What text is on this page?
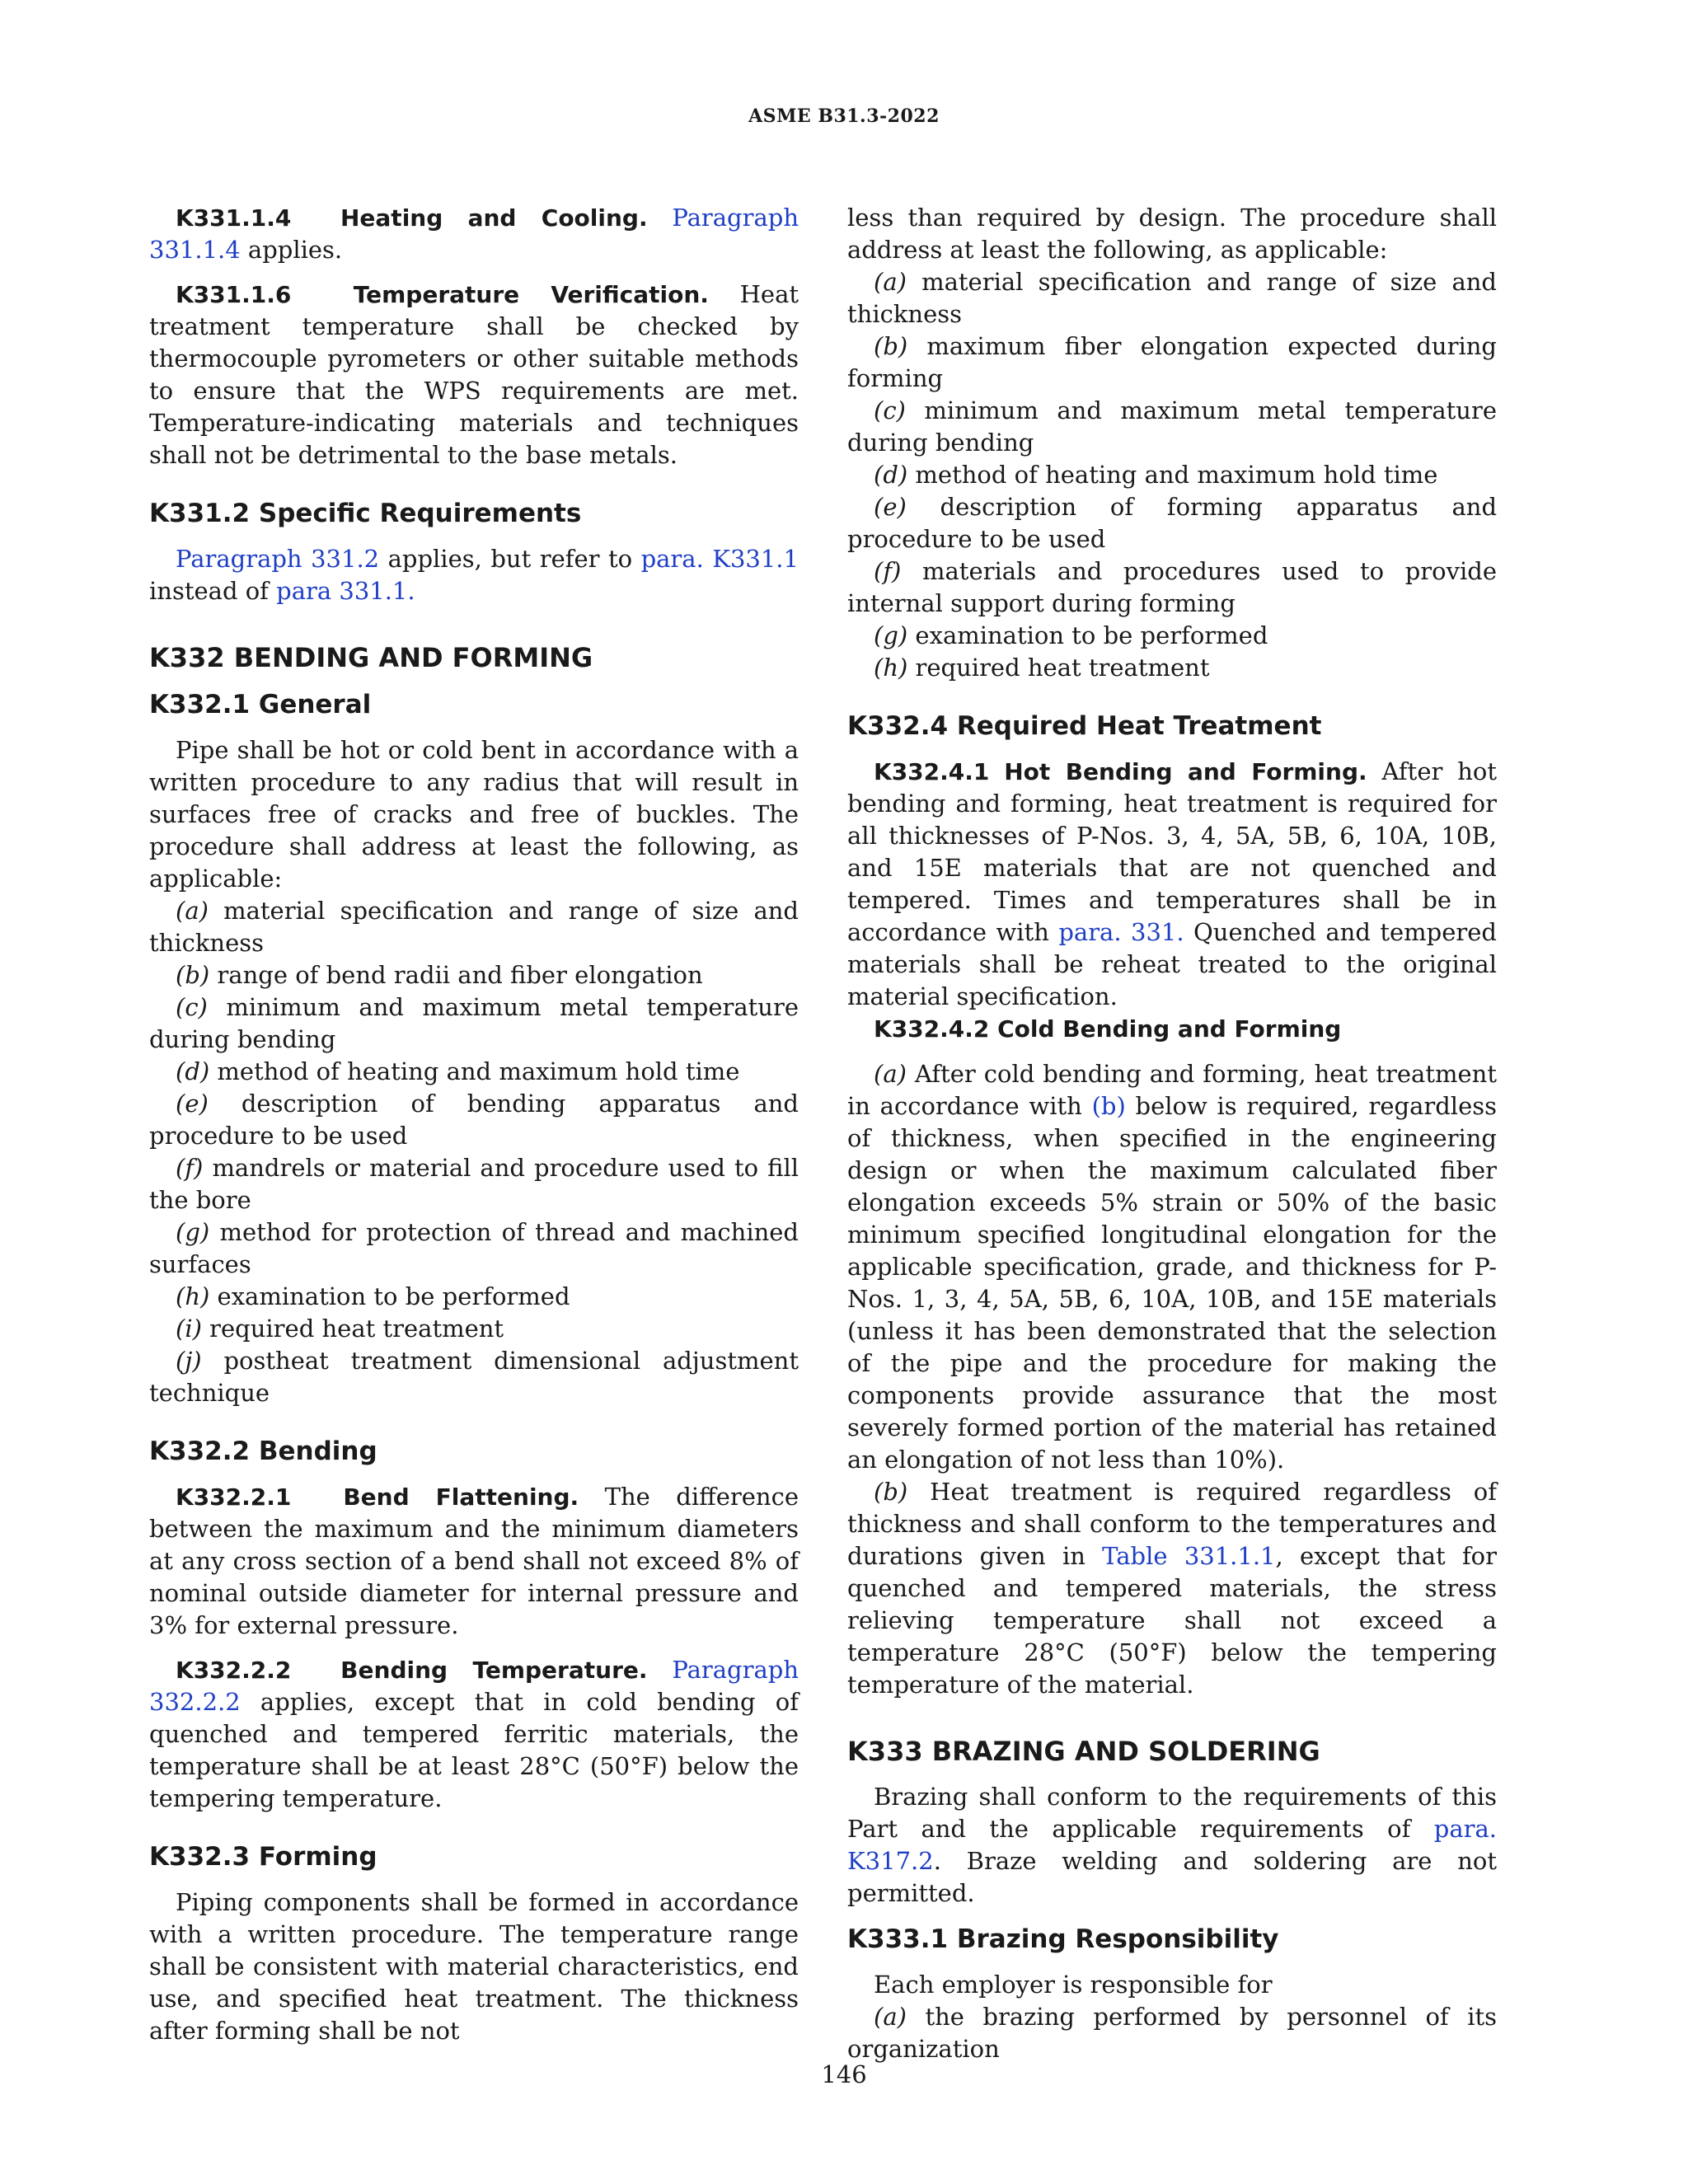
ASME B31.3-2022

K331.1.4 Heating and Cooling. Paragraph 331.1.4 applies.

K331.1.6	Temperature Verification. Heat treatment temperature shall be checked by thermocouple pyrometers or other suitable methods to ensure that the WPS requirements are met. Temperature-indicating materials and techniques shall not be detrimental to the base metals.

K331.2 Specific Requirements

Paragraph 331.2 applies, but refer to para. K331.1 instead of para 331.1.

K332 BENDING AND FORMING
K332.1 General

Pipe shall be hot or cold bent in accordance with a written procedure to any radius that will result in surfaces free of cracks and free of buckles. The procedure shall address at least the following, as applicable:

(a) material specification and range of size and thickness

(b) range of bend radii and fiber elongation

(c) minimum and maximum metal temperature during bending

(d) method of heating and maximum hold time

(e) description of bending apparatus and procedure to be used

(f) mandrels or material and procedure used to fill the bore

(g) method for protection of thread and machined surfaces

(h) examination to be performed

(i) required heat treatment

(j) postheat treatment dimensional adjustment technique

K332.2 Bending

K332.2.1 Bend Flattening. The difference between the maximum and the minimum diameters at any cross section of a bend shall not exceed 8% of nominal outside diameter for internal pressure and 3% for external pressure.

K332.2.2 Bending Temperature. Paragraph 332.2.2 applies, except that in cold bending of quenched and tempered ferritic materials, the temperature shall be at least 28°C (50°F) below the tempering temperature.

K332.3 Forming

Piping components shall be formed in accordance with a written procedure. The temperature range shall be consistent with material characteristics, end use, and specified heat treatment. The thickness after forming shall be not

less than required by design. The procedure shall address at least the following, as applicable:

(a) material specification and range of size and thickness

(b) maximum fiber elongation expected during forming

(c) minimum and maximum metal temperature during bending

(d) method of heating and maximum hold time

(e) description of forming apparatus and procedure to be used

(f) materials and procedures used to provide internal support during forming

(g) examination to be performed

(h) required heat treatment

K332.4 Required Heat Treatment

K332.4.1 Hot Bending and Forming. After hot bending and forming, heat treatment is required for all thicknesses of P-Nos. 3, 4, 5A, 5B, 6, 10A, 10B, and 15E materials that are not quenched and tempered. Times and temperatures shall be in accordance with para. 331. Quenched and tempered materials shall be reheat treated to the original material specification.

K332.4.2 Cold Bending and Forming

(a) After cold bending and forming, heat treatment in accordance with (b) below is required, regardless of thickness, when specified in the engineering design or when the maximum calculated fiber elongation exceeds 5% strain or 50% of the basic minimum specified longitudinal elongation for the applicable specification, grade, and thickness for P-Nos. 1, 3, 4, 5A, 5B, 6, 10A, 10B, and 15E materials (unless it has been demonstrated that the selection of the pipe and the procedure for making the components provide assurance that the most severely formed portion of the material has retained an elongation of not less than 10%).

(b) Heat treatment is required regardless of thickness and shall conform to the temperatures and durations given in Table 331.1.1, except that for quenched and tempered materials, the stress relieving temperature shall not exceed a temperature 28°C (50°F) below the tempering temperature of the material.

K333 BRAZING AND SOLDERING

Brazing shall conform to the requirements of this Part and the applicable requirements of para. K317.2. Braze welding and soldering are not permitted.

K333.1 Brazing Responsibility

Each employer is responsible for

(a) the brazing performed by personnel of its organization

146
